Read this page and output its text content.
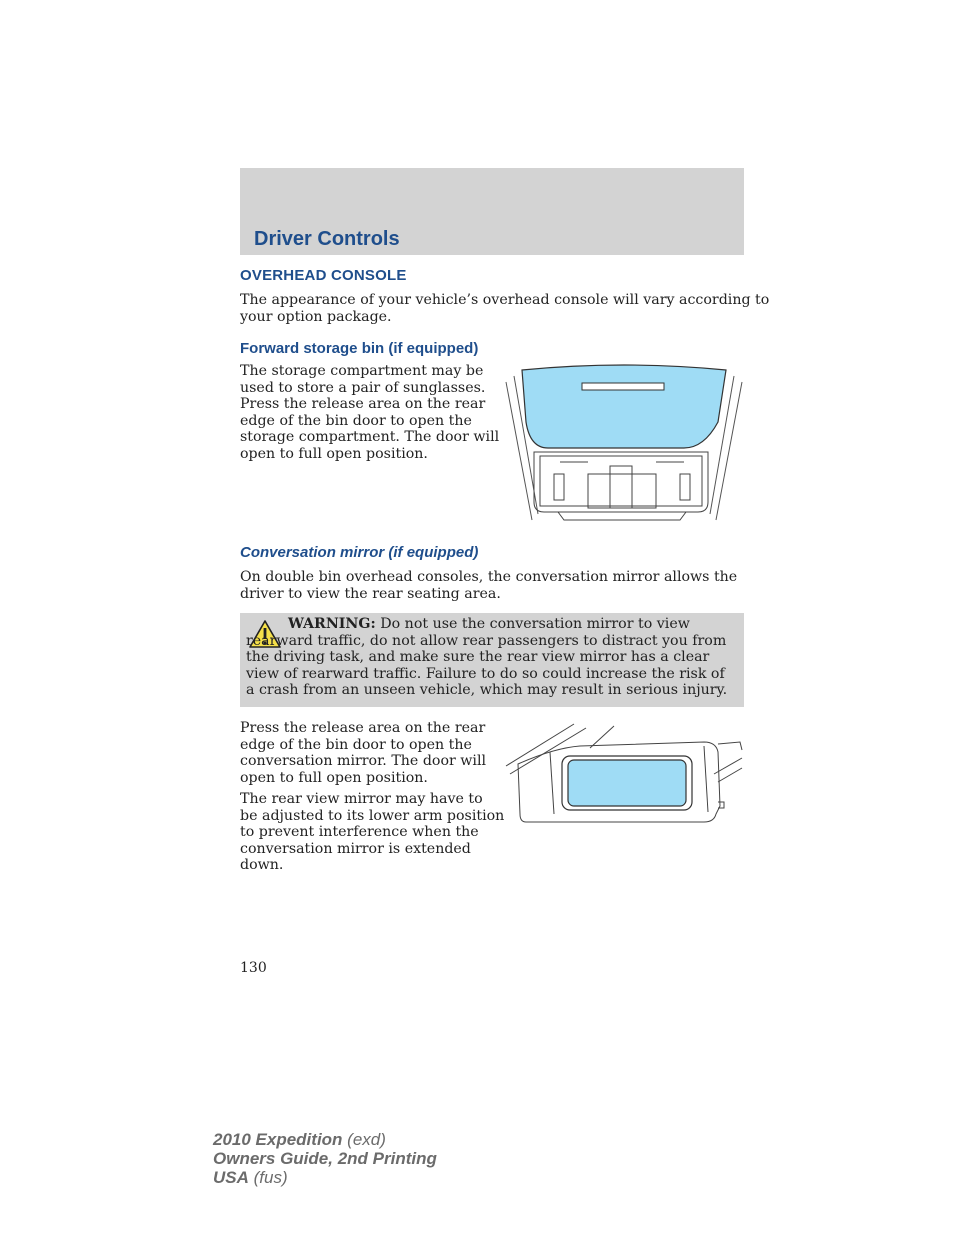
Driver Controls
OVERHEAD CONSOLE
The appearance of your vehicle’s overhead console will vary according to
your option package.
Forward storage bin (if equipped)
The storage compartment may be
used to store a pair of sunglasses.
Press the release area on the rear
edge of the bin door to open the
storage compartment. The door will
open to full open position.
Conversation mirror (if equipped)
On double bin overhead consoles, the conversation mirror allows the
driver to view the rear seating area.
WARNING: Do not use the conversation mirror to view rearward traffic, do not allow rear passengers to distract you from the driving task, and make sure the rear view mirror has a clear view of rearward traffic. Failure to do so could increase the risk of a crash from an unseen vehicle, which may result in serious injury.
Press the release area on the rear
edge of the bin door to open the
conversation mirror. The door will
open to full open position.
The rear view mirror may have to
be adjusted to its lower arm position
to prevent interference when the
conversation mirror is extended
down.
130
2010 Expedition (exd)
Owners Guide, 2nd Printing
USA (fus)
